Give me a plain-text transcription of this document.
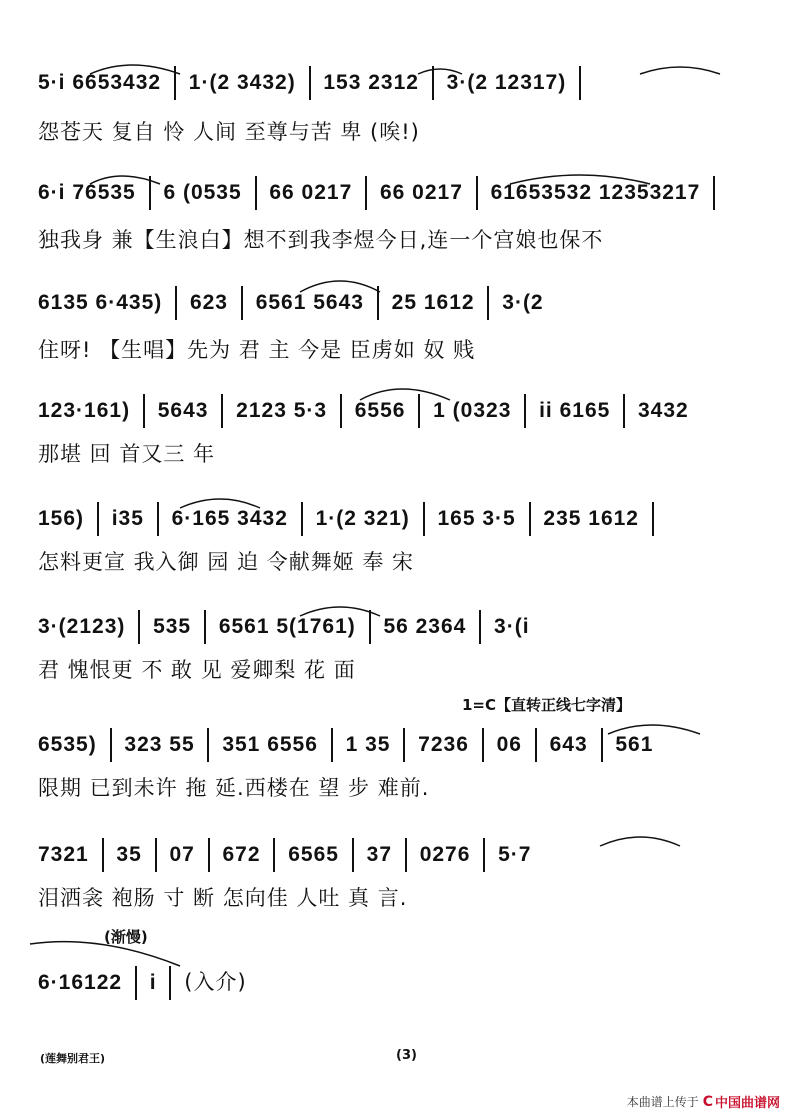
5·i 6653432 1·(2 3432) 153 2312 3·(2 12317)
怨苍天 复自 怜 人间 至尊与苦 卑 (唉!)
6·i 76535 6 (0535 66 0217 66 0217 61653532 12353217
独我身 兼【生浪白】想不到我李煜今日,连一个宫娘也保不
6135 6·435) 623 6561 5643 25 1612 3·(2
住呀! 【生唱】先为 君 主 今是 臣虏如 奴 贱
123·161) 5643 2123 5·3 6556 1 (0323 ii 6165 3432
那堪 回 首又三 年
156) i35 6·165 3432 1·(2 321) 165 3·5 235 1612
怎料更宣 我入御 园 迫 令献舞姬 奉 宋
3·(2123) 535 6561 5(1761) 56 2364 3·(i
君 愧恨更 不 敢 见 爱卿梨 花 面
1=C【直转正线七字清】
6535) 323 55 351 6556 1 35 7236 06 643 561
限期 已到未许 拖 延.西楼在 望 步 难前.
7321 35 07 672 6565 37 0276 5·7
泪洒衾 袍肠 寸 断 怎向佳 人吐 真 言.
(渐慢)
6·16122 i (入介)
(莲舞别君王)	(3)
本曲谱上传于 C 中国曲谱网
